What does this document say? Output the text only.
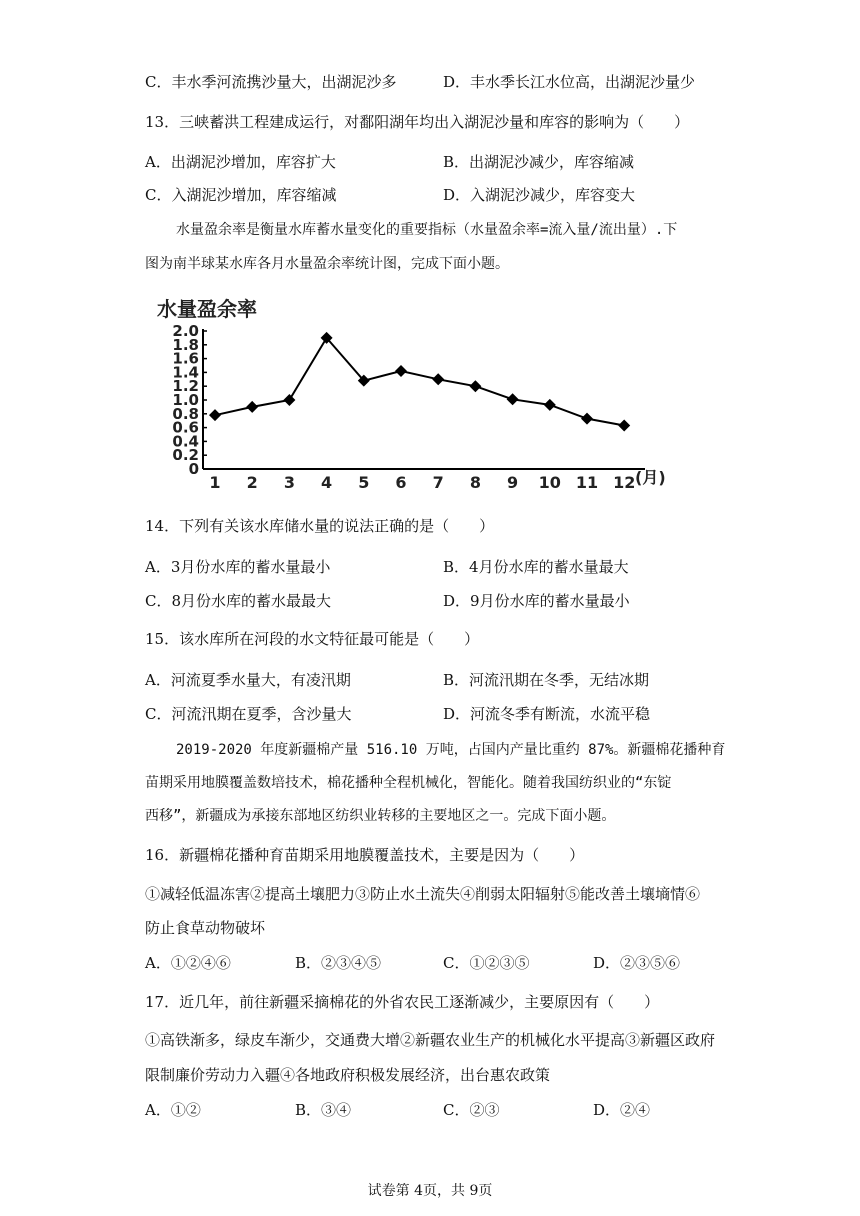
C．丰水季河流携沙量大，出湖泥沙多	D．丰水季长江水位高，出湖泥沙量少
13．三峡蓄洪工程建成运行，对鄱阳湖年均出入湖泥沙量和库容的影响为（　　）
A．出湖泥沙增加，库容扩大	B．出湖泥沙减少，库容缩减
C．入湖泥沙增加，库容缩减	D．入湖泥沙减少，库容变大
水量盈余率是衡量水库蓄水量变化的重要指标（水量盈余率=流入量/流出量）.下
图为南半球某水库各月水量盈余率统计图，完成下面小题。
水量盈余率
0
0.2
0.4
0.6
0.8
1.0
1.2
1.4
1.6
1.8
2.0
1 2 3 4 5 6 7 8 9 10 11 12 (月)
14．下列有关该水库储水量的说法正确的是（　　）
A．3月份水库的蓄水量最小	B．4月份水库的蓄水量最大
C．8月份水库的蓄水最最大	D．9月份水库的蓄水量最小
15．该水库所在河段的水文特征最可能是（　　）
A．河流夏季水量大，有凌汛期	B．河流汛期在冬季，无结冰期
C．河流汛期在夏季，含沙量大	D．河流冬季有断流，水流平稳
2019-2020 年度新疆棉产量 516.10 万吨，占国内产量比重约 87%。新疆棉花播种育
苗期采用地膜覆盖数培技术，棉花播种全程机械化，智能化。随着我国纺织业的“东锭
西移”，新疆成为承接东部地区纺织业转移的主要地区之一。完成下面小题。
16．新疆棉花播种育苗期采用地膜覆盖技术，主要是因为（　　）
①减轻低温冻害②提高土壤肥力③防止水土流失④削弱太阳辐射⑤能改善土壤墒情⑥
防止食草动物破坏
A．①②④⑥	B．②③④⑤	C．①②③⑤	D．②③⑤⑥
17．近几年，前往新疆采摘棉花的外省农民工逐渐减少，主要原因有（　　）
①高铁渐多，绿皮车渐少，交通费大增②新疆农业生产的机械化水平提高③新疆区政府
限制廉价劳动力入疆④各地政府积极发展经济，出台惠农政策
A．①②	B．③④	C．②③	D．②④
试卷第 4页，共 9页
